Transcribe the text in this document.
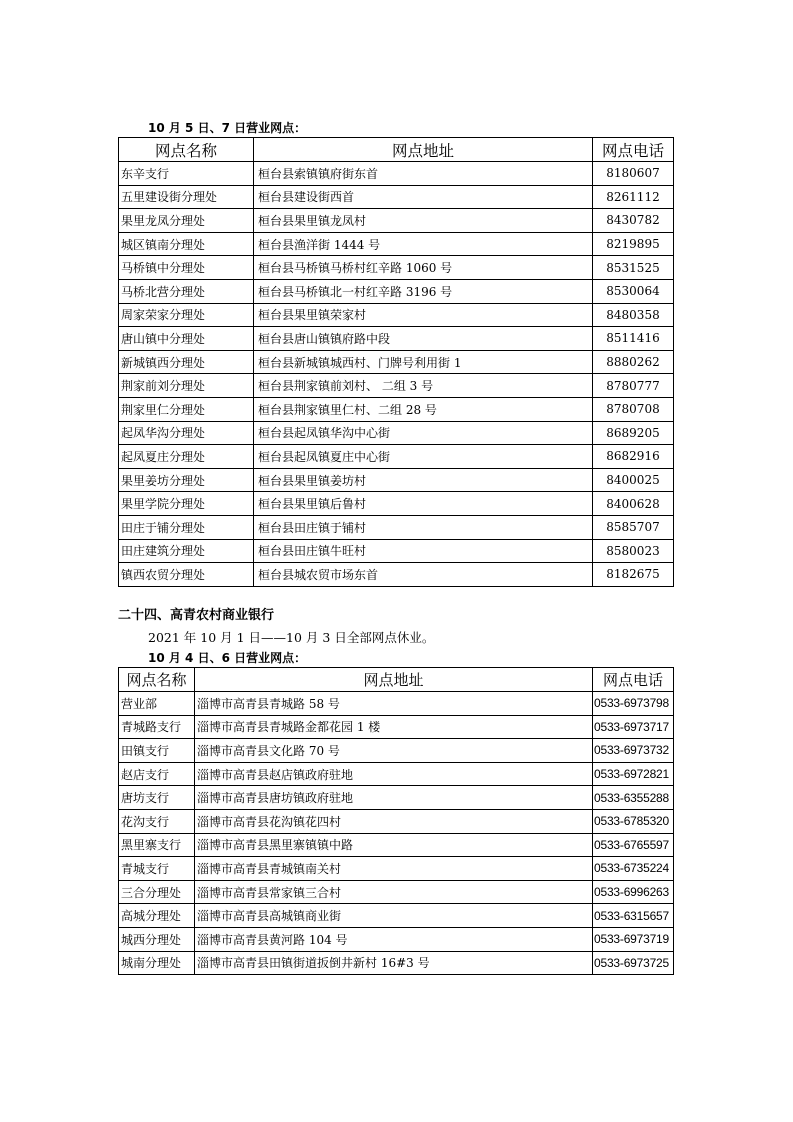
10 月 5 日、7 日营业网点：
网点名称	网点地址	网点电话
东辛支行	桓台县索镇镇府街东首	8180607
五里建设街分理处	桓台县建设街西首	8261112
果里龙凤分理处	桓台县果里镇龙凤村	8430782
城区镇南分理处	桓台县渔洋街 1444 号	8219895
马桥镇中分理处	桓台县马桥镇马桥村红辛路 1060 号	8531525
马桥北营分理处	桓台县马桥镇北一村红辛路 3196 号	8530064
周家荣家分理处	桓台县果里镇荣家村	8480358
唐山镇中分理处	桓台县唐山镇镇府路中段	8511416
新城镇西分理处	桓台县新城镇城西村、门牌号利用街 1	8880262
荆家前刘分理处	桓台县荆家镇前刘村、 二组 3 号	8780777
荆家里仁分理处	桓台县荆家镇里仁村、二组 28 号	8780708
起凤华沟分理处	桓台县起凤镇华沟中心街	8689205
起凤夏庄分理处	桓台县起凤镇夏庄中心街	8682916
果里姜坊分理处	桓台县果里镇姜坊村	8400025
果里学院分理处	桓台县果里镇后鲁村	8400628
田庄于铺分理处	桓台县田庄镇于铺村	8585707
田庄建筑分理处	桓台县田庄镇牛旺村	8580023
镇西农贸分理处	桓台县城农贸市场东首	8182675
二十四、高青农村商业银行
2021 年 10 月 1 日——10 月 3 日全部网点休业。
10 月 4 日、6 日营业网点：
网点名称	网点地址	网点电话
营业部	淄博市高青县青城路 58 号	0533-6973798
青城路支行	淄博市高青县青城路金都花园 1 楼	0533-6973717
田镇支行	淄博市高青县文化路 70 号	0533-6973732
赵店支行	淄博市高青县赵店镇政府驻地	0533-6972821
唐坊支行	淄博市高青县唐坊镇政府驻地	0533-6355288
花沟支行	淄博市高青县花沟镇花四村	0533-6785320
黑里寨支行	淄博市高青县黑里寨镇镇中路	0533-6765597
青城支行	淄博市高青县青城镇南关村	0533-6735224
三合分理处	淄博市高青县常家镇三合村	0533-6996263
高城分理处	淄博市高青县高城镇商业街	0533-6315657
城西分理处	淄博市高青县黄河路 104 号	0533-6973719
城南分理处	淄博市高青县田镇街道扳倒井新村 16#3 号	0533-6973725
